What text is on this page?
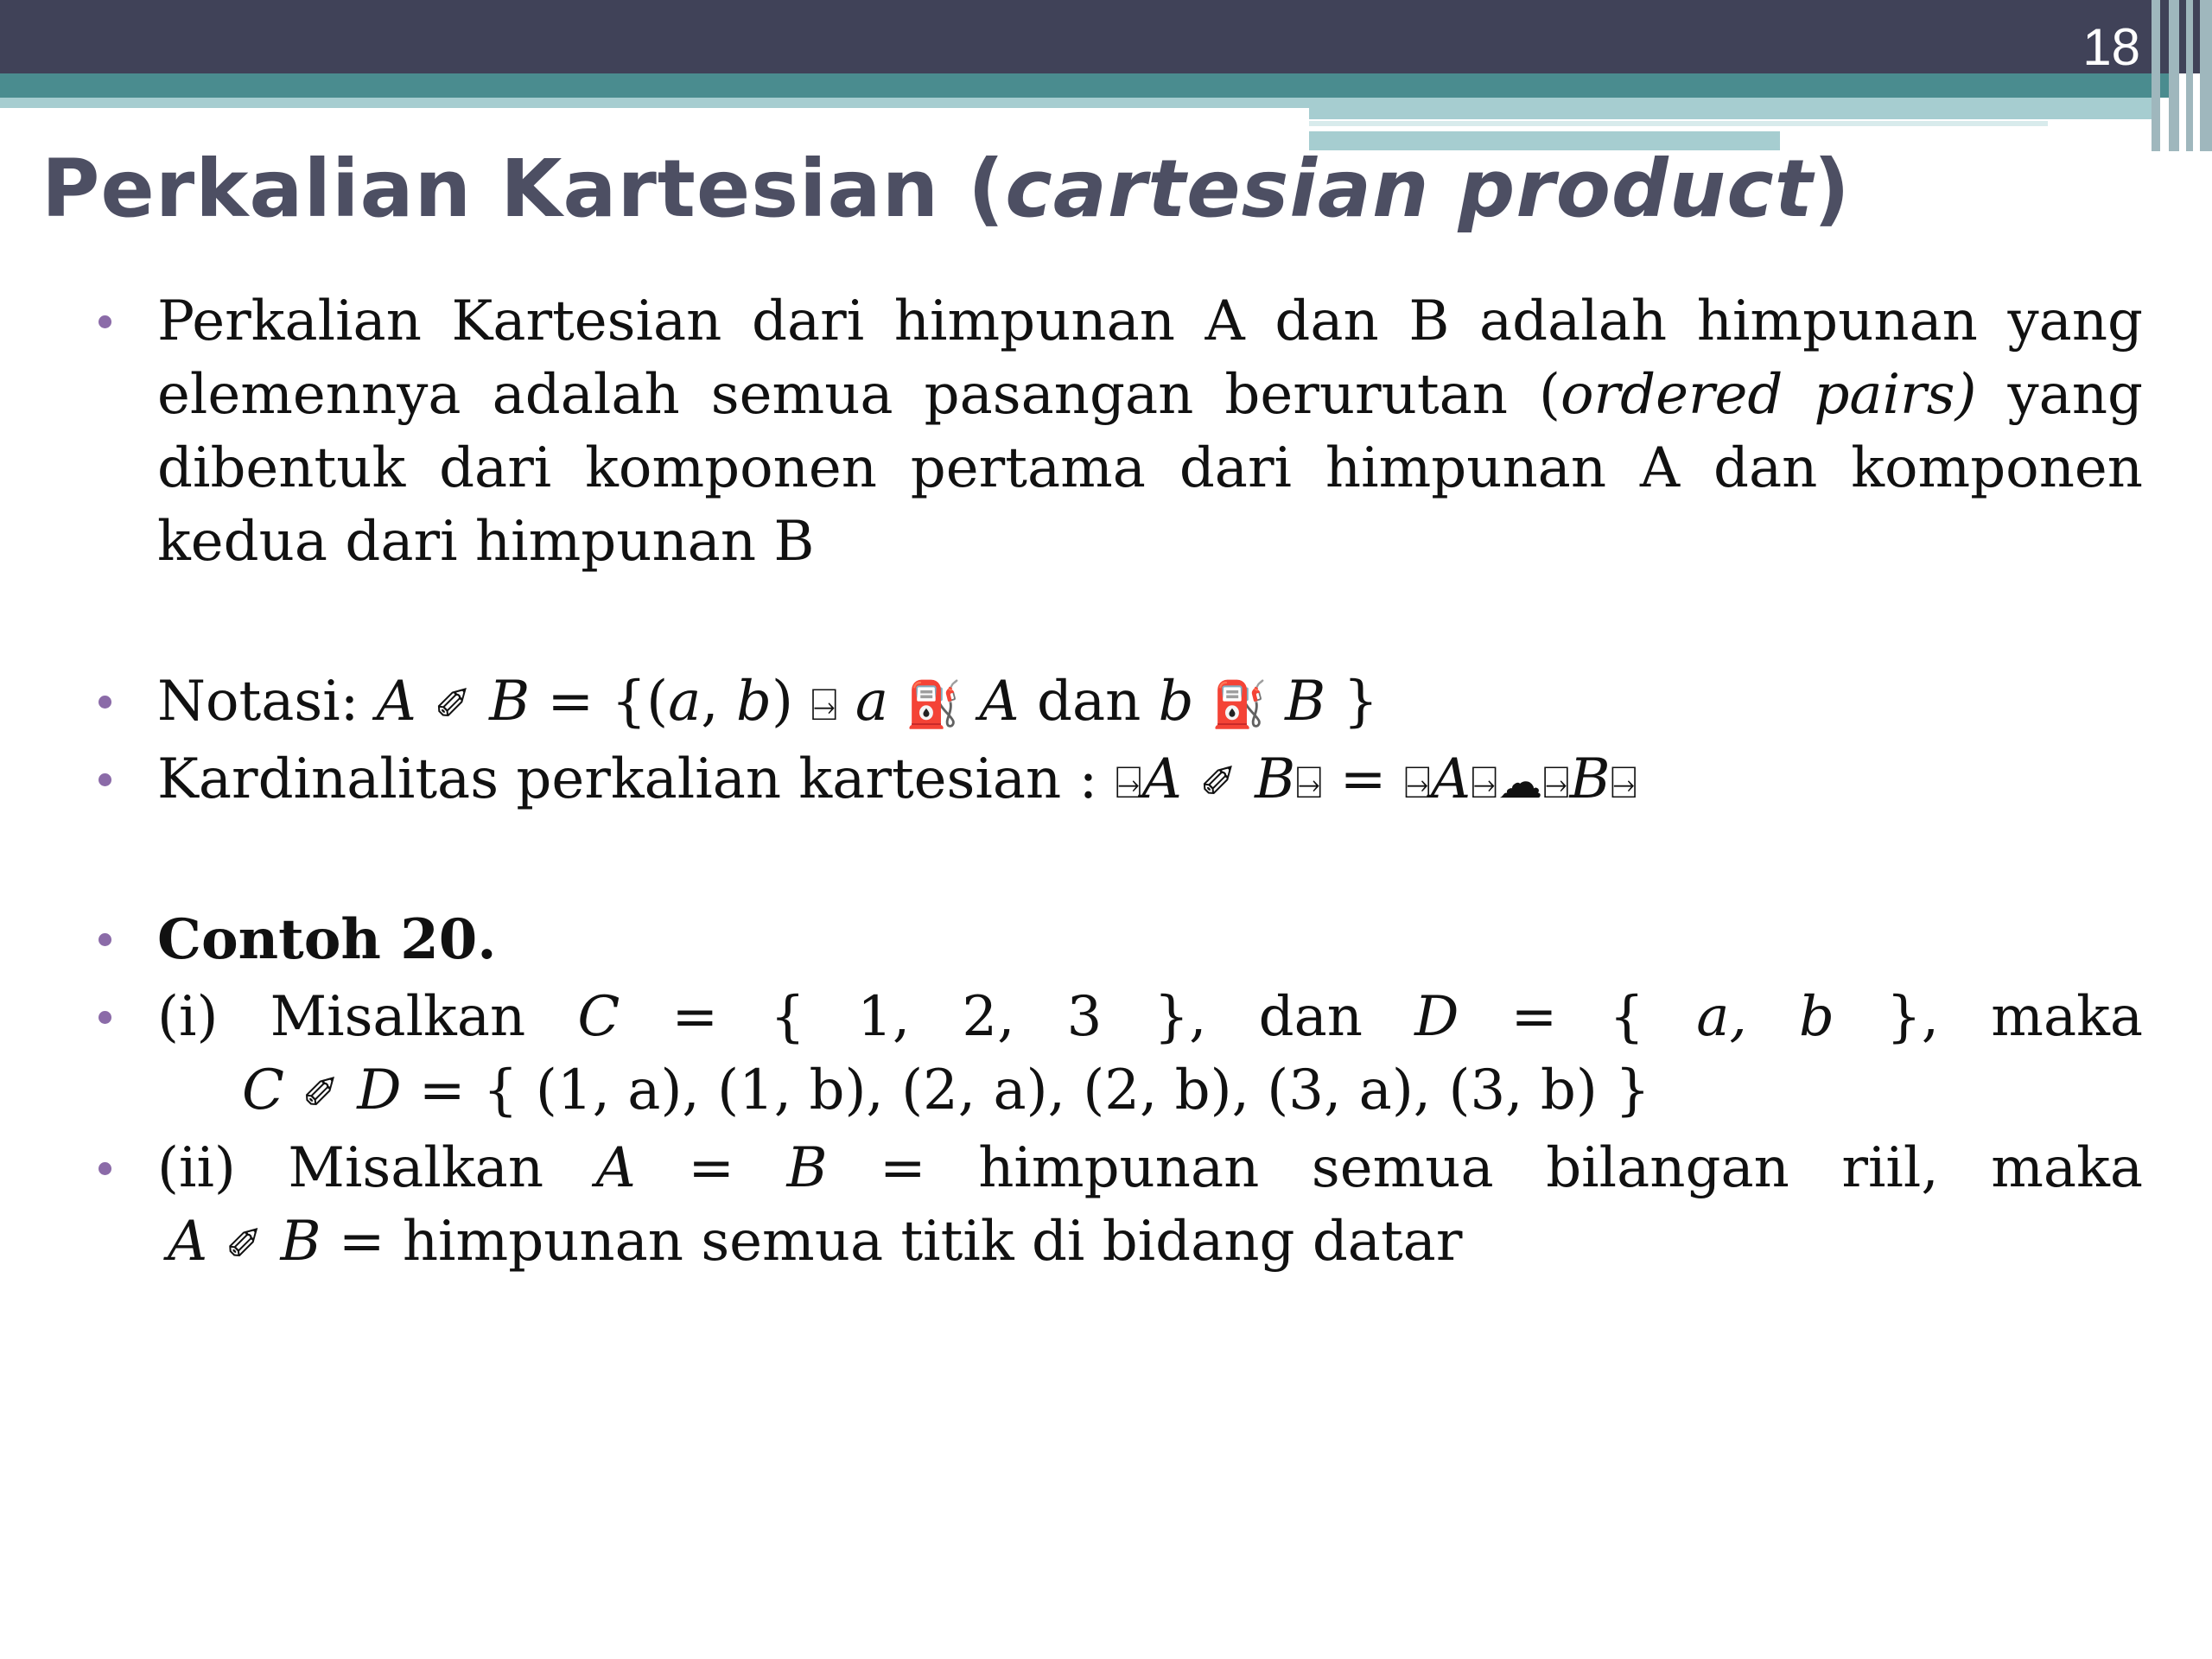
18
Perkalian Kartesian (cartesian product)
Perkalian Kartesian dari himpunan A dan B adalah himpunan yang elemennya adalah semua pasangan berurutan (ordered pairs) yang dibentuk dari komponen pertama dari himpunan A dan komponen kedua dari himpunan B
Notasi: A ✐ B = {(a, b) ⍈ a ⛽ A dan b ⛽ B }
Kardinalitas perkalian kartesian : ⍈A ✐ B⍈ = ⍈A⍈☁⍈B⍈
Contoh 20.
(i) Misalkan C = { 1, 2, 3 }, dan D = { a, b }, maka
C ✐ D = { (1, a), (1, b), (2, a), (2, b), (3, a), (3, b) }
(ii) Misalkan A = B = himpunan semua bilangan riil, maka
A ✐ B = himpunan semua titik di bidang datar
